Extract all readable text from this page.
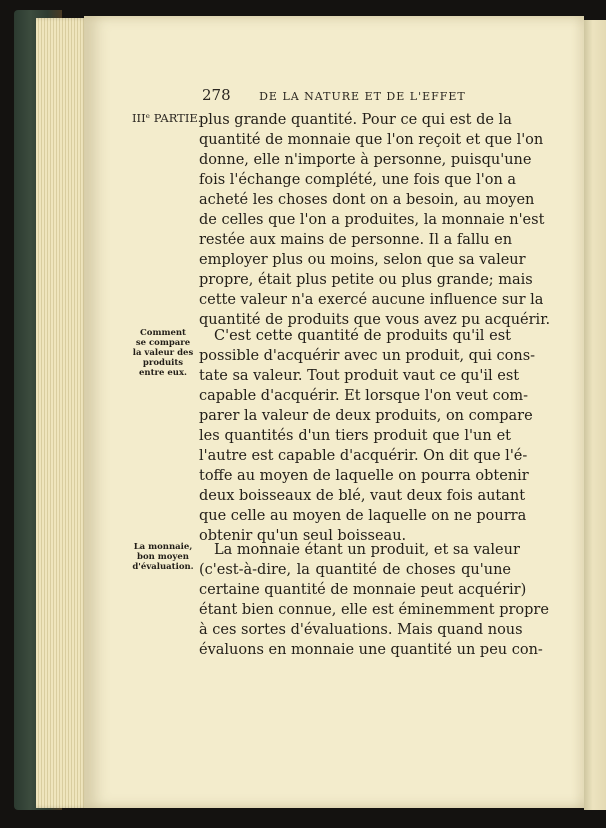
278	DE LA NATURE ET DE L'EFFET
IIIᵉ PARTIE.
plus grande quantité. Pour ce qui est de la
quantité de monnaie que l'on reçoit et que l'on
donne, elle n'importe à personne, puisqu'une
fois l'échange complété, une fois que l'on a
acheté les choses dont on a besoin, au moyen
de celles que l'on a produites, la monnaie n'est
restée aux mains de personne. Il a fallu en
employer plus ou moins, selon que sa valeur
propre, était plus petite ou plus grande; mais
cette valeur n'a exercé aucune influence sur la
quantité de produits que vous avez pu acquérir.
Comment
se compare
la valeur des
produits
entre eux.
C'est cette quantité de produits qu'il est
possible d'acquérir avec un produit, qui cons-
tate sa valeur. Tout produit vaut ce qu'il est
capable d'acquérir. Et lorsque l'on veut com-
parer la valeur de deux produits, on compare
les quantités d'un tiers produit que l'un et
l'autre est capable d'acquérir. On dit que l'é-
toffe au moyen de laquelle on pourra obtenir
deux boisseaux de blé, vaut deux fois autant
que celle au moyen de laquelle on ne pourra
obtenir qu'un seul boisseau.
La monnaie,
bon moyen
d'évaluation.
La monnaie étant un produit, et sa valeur
(c'est-à-dire, la quantité de choses qu'une
certaine quantité de monnaie peut acquérir)
étant bien connue, elle est éminemment propre
à ces sortes d'évaluations. Mais quand nous
évaluons en monnaie une quantité un peu con-
